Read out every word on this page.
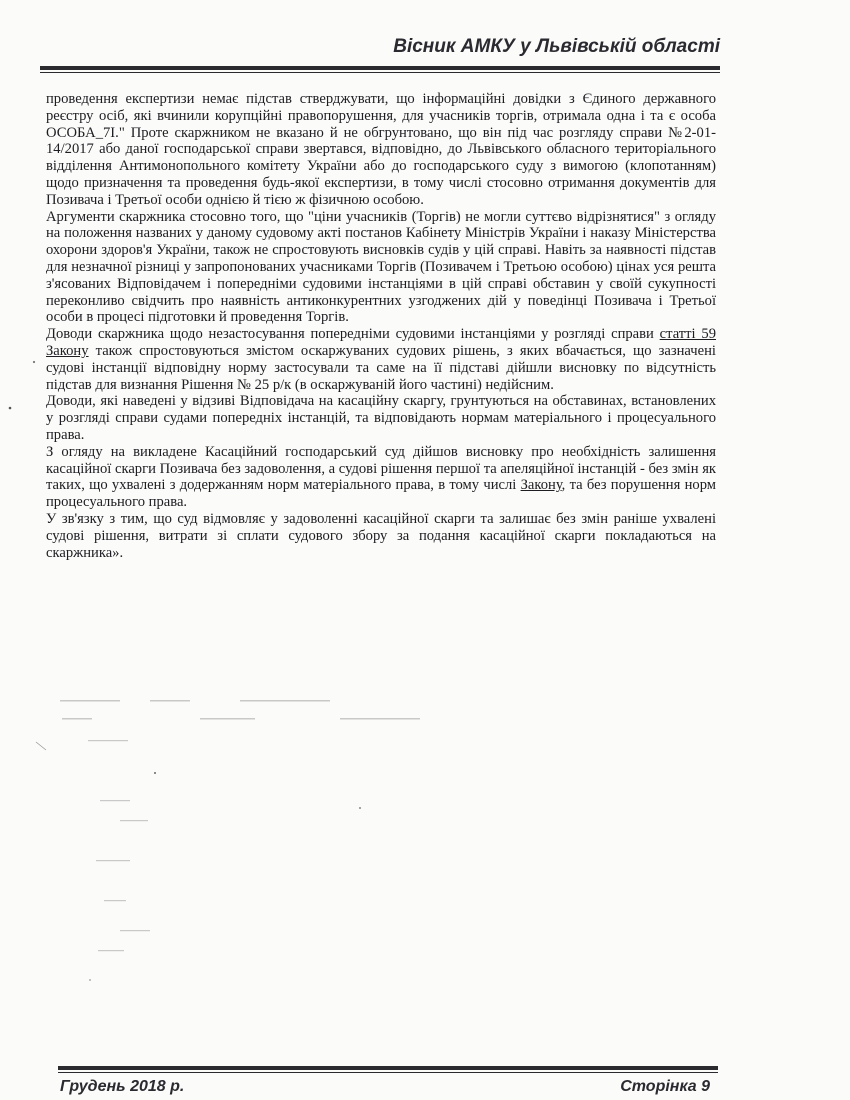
Вісник АМКУ у Львівській області

проведення експертизи немає підстав стверджувати, що інформаційні довідки з Єдиного державного реєстру осіб, які вчинили корупційні правопорушення, для учасників торгів, отримала одна і та є особа ОСОБА_7І." Проте скаржником не вказано й не обгрунтовано, що він під час розгляду справи №2-01-14/2017 або даної господарської справи звертався, відповідно, до Львівського обласного територіального відділення Антимонопольного комітету України або до господарського суду з вимогою (клопотанням) щодо призначення та проведення будь-якої експертизи, в тому числі стосовно отримання документів для Позивача і Третьої особи однією й тією ж фізичною особою.

Аргументи скаржника стосовно того, що "ціни учасників (Торгів) не могли суттєво відрізнятися" з огляду на положення названих у даному судовому акті постанов Кабінету Міністрів України і наказу Міністерства охорони здоров'я України, також не спростовують висновків судів у цій справі. Навіть за наявності підстав для незначної різниці у запропонованих учасниками Торгів (Позивачем і Третьою особою) цінах уся решта з'ясованих Відповідачем і попередніми судовими інстанціями в цій справі обставин у своїй сукупності переконливо свідчить про наявність антиконкурентних узгоджених дій у поведінці Позивача і Третьої особи в процесі підготовки й проведення Торгів.

Доводи скаржника щодо незастосування попередніми судовими інстанціями у розгляді справи статті 59 Закону також спростовуються змістом оскаржуваних судових рішень, з яких вбачається, що зазначені судові інстанції відповідну норму застосували та саме на її підставі дійшли висновку по відсутність підстав для визнання Рішення № 25 р/к (в оскаржуваній його частині) недійсним.

Доводи, які наведені у відзиві Відповідача на касаційну скаргу, грунтуються на обставинах, встановлених у розгляді справи судами попередніх інстанцій, та відповідають нормам матеріального і процесуального права.

З огляду на викладене Касаційний господарський суд дійшов висновку про необхідність залишення касаційної скарги Позивача без задоволення, а судові рішення першої та апеляційної інстанцій - без змін як таких, що ухвалені з додержанням норм матеріального права, в тому числі Закону, та без порушення норм процесуального права.

У зв'язку з тим, що суд відмовляє у задоволенні касаційної скарги та залишає без змін раніше ухвалені судові рішення, витрати зі сплати судового збору за подання касаційної скарги покладаються на скаржника».

Грудень 2018 р.	Сторінка 9
